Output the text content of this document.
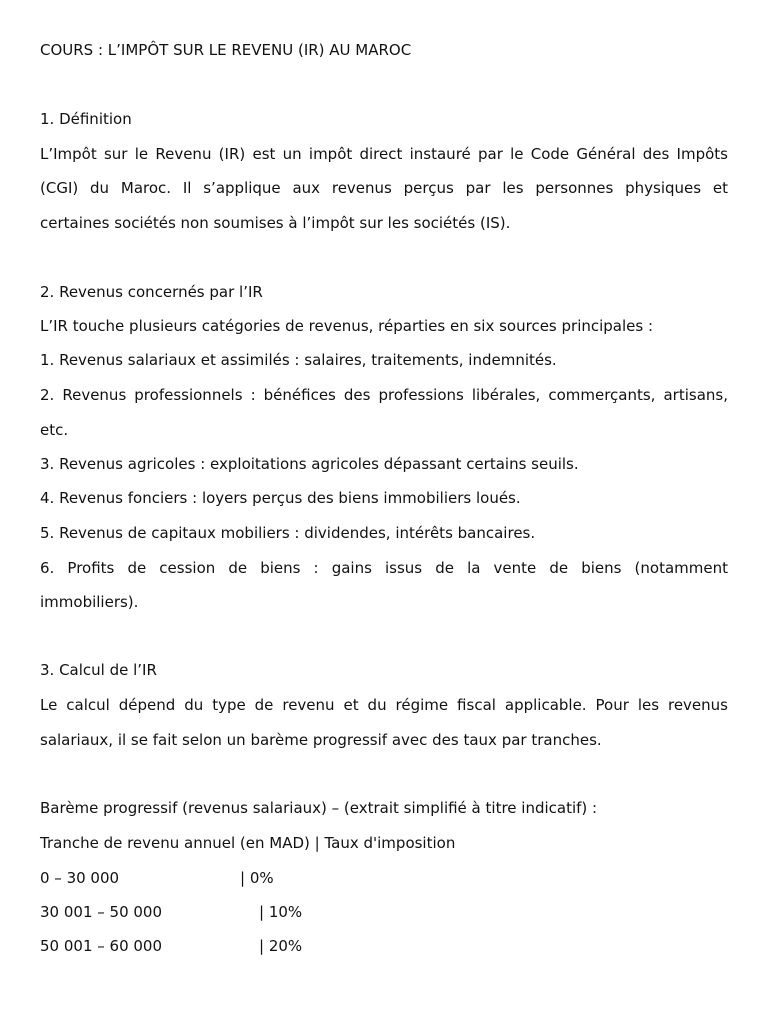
COURS : L’IMPÔT SUR LE REVENU (IR) AU MAROC
1. Définition
L’Impôt sur le Revenu (IR) est un impôt direct instauré par le Code Général des Impôts
(CGI) du Maroc. Il s’applique aux revenus perçus par les personnes physiques et
certaines sociétés non soumises à l’impôt sur les sociétés (IS).
2. Revenus concernés par l’IR
L’IR touche plusieurs catégories de revenus, réparties en six sources principales :
1. Revenus salariaux et assimilés : salaires, traitements, indemnités.
2. Revenus professionnels : bénéfices des professions libérales, commerçants, artisans,
etc.
3. Revenus agricoles : exploitations agricoles dépassant certains seuils.
4. Revenus fonciers : loyers perçus des biens immobiliers loués.
5. Revenus de capitaux mobiliers : dividendes, intérêts bancaires.
6. Profits de cession de biens : gains issus de la vente de biens (notamment
immobiliers).
3. Calcul de l’IR
Le calcul dépend du type de revenu et du régime fiscal applicable. Pour les revenus
salariaux, il se fait selon un barème progressif avec des taux par tranches.
Barème progressif (revenus salariaux) – (extrait simplifié à titre indicatif) :
Tranche de revenu annuel (en MAD) | Taux d'imposition
0 – 30 000	| 0%
30 001 – 50 000	| 10%
50 001 – 60 000	| 20%
